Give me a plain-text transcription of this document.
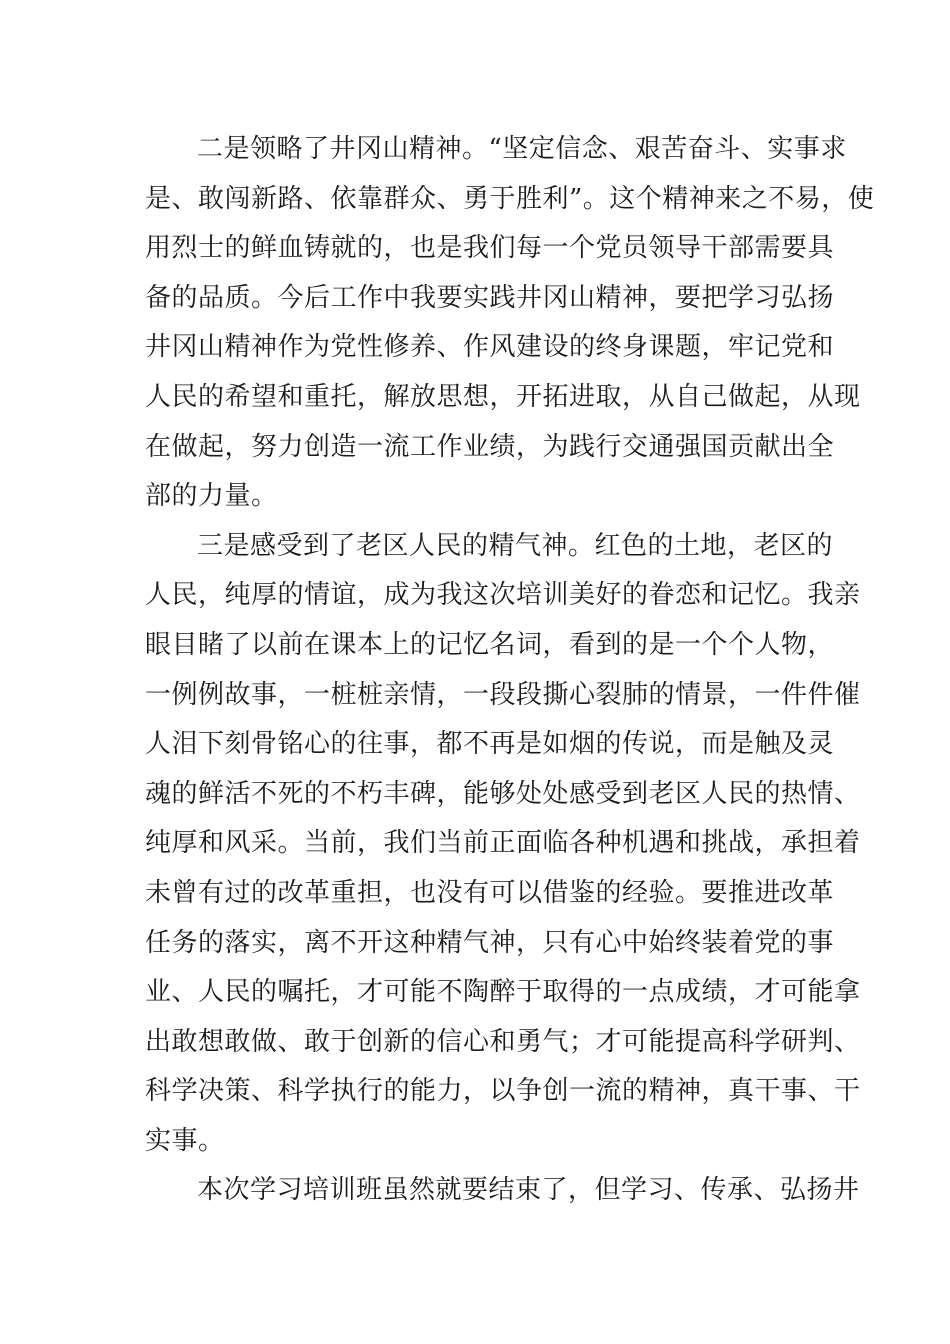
二是领略了井冈山精神。“坚定信念、艰苦奋斗、实事求
是、敢闯新路、依靠群众、勇于胜利”。这个精神来之不易，使
用烈士的鲜血铸就的，也是我们每一个党员领导干部需要具
备的品质。今后工作中我要实践井冈山精神，要把学习弘扬
井冈山精神作为党性修养、作风建设的终身课题，牢记党和
人民的希望和重托，解放思想，开拓进取，从自己做起，从现
在做起，努力创造一流工作业绩，为践行交通强国贡献出全
部的力量。
三是感受到了老区人民的精气神。红色的土地，老区的
人民，纯厚的情谊，成为我这次培训美好的眷恋和记忆。我亲
眼目睹了以前在课本上的记忆名词，看到的是一个个人物，
一例例故事，一桩桩亲情，一段段撕心裂肺的情景，一件件催
人泪下刻骨铭心的往事，都不再是如烟的传说，而是触及灵
魂的鲜活不死的不朽丰碑，能够处处感受到老区人民的热情、
纯厚和风采。当前，我们当前正面临各种机遇和挑战，承担着
未曾有过的改革重担，也没有可以借鉴的经验。要推进改革
任务的落实，离不开这种精气神，只有心中始终装着党的事
业、人民的嘱托，才可能不陶醉于取得的一点成绩，才可能拿
出敢想敢做、敢于创新的信心和勇气；才可能提高科学研判、
科学决策、科学执行的能力，以争创一流的精神，真干事、干
实事。
本次学习培训班虽然就要结束了，但学习、传承、弘扬井
